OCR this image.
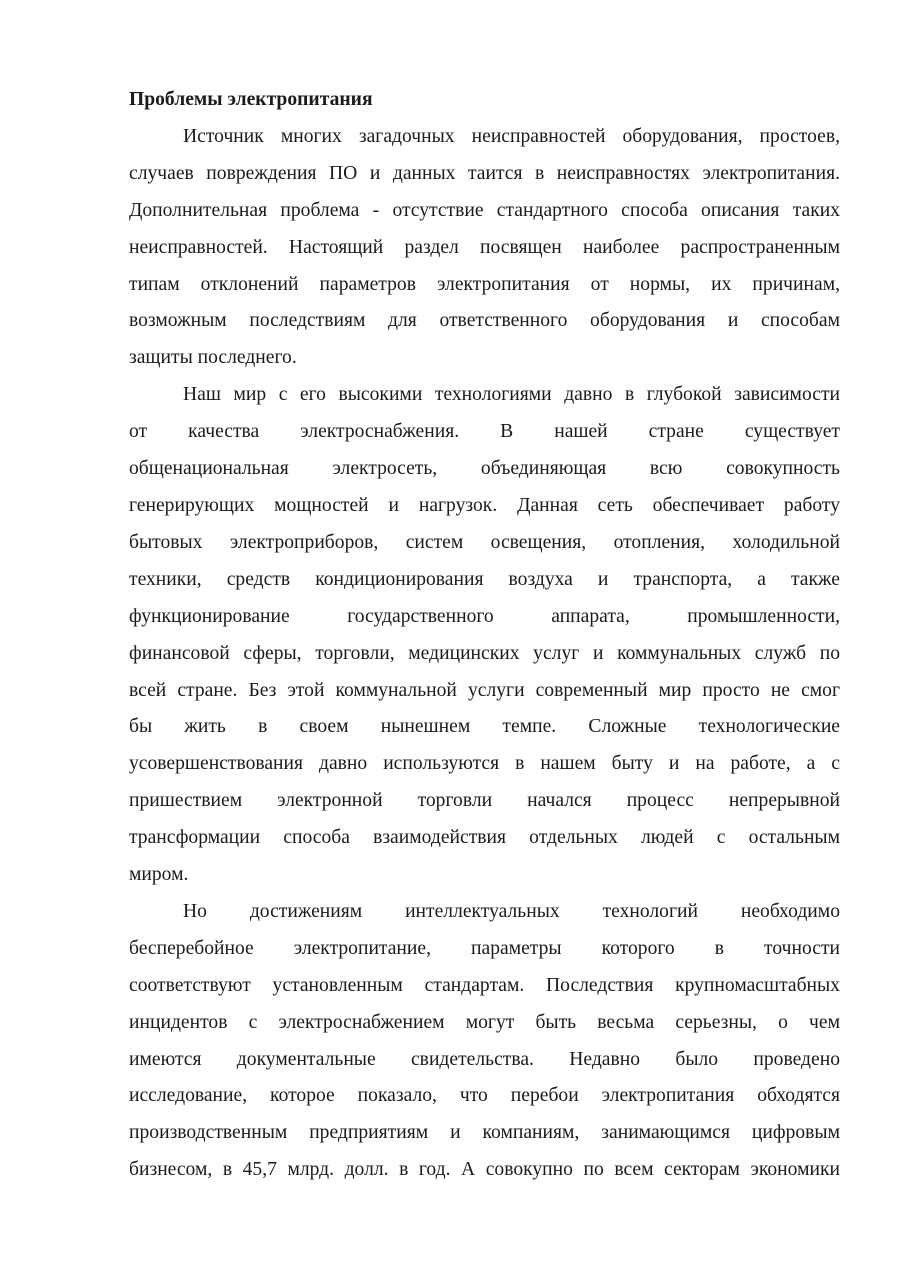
Проблемы электропитания
Источник многих загадочных неисправностей оборудования, простоев,
случаев повреждения ПО и данных таится в неисправностях электропитания.
Дополнительная проблема - отсутствие стандартного способа описания таких
неисправностей. Настоящий раздел посвящен наиболее распространенным
типам отклонений параметров электропитания от нормы, их причинам,
возможным последствиям для ответственного оборудования и способам
защиты последнего.
Наш мир с его высокими технологиями давно в глубокой зависимости
от качества электроснабжения. В нашей стране существует
общенациональная электросеть, объединяющая всю совокупность
генерирующих мощностей и нагрузок. Данная сеть обеспечивает работу
бытовых электроприборов, систем освещения, отопления, холодильной
техники, средств кондиционирования воздуха и транспорта, а также
функционирование государственного аппарата, промышленности,
финансовой сферы, торговли, медицинских услуг и коммунальных служб по
всей стране. Без этой коммунальной услуги современный мир просто не смог
бы жить в своем нынешнем темпе. Сложные технологические
усовершенствования давно используются в нашем быту и на работе, а с
пришествием электронной торговли начался процесс непрерывной
трансформации способа взаимодействия отдельных людей с остальным
миром.
Но достижениям интеллектуальных технологий необходимо
бесперебойное электропитание, параметры которого в точности
соответствуют установленным стандартам. Последствия крупномасштабных
инцидентов с электроснабжением могут быть весьма серьезны, о чем
имеются документальные свидетельства. Недавно было проведено
исследование, которое показало, что перебои электропитания обходятся
производственным предприятиям и компаниям, занимающимся цифровым
бизнесом, в 45,7 млрд. долл. в год. А совокупно по всем секторам экономики
